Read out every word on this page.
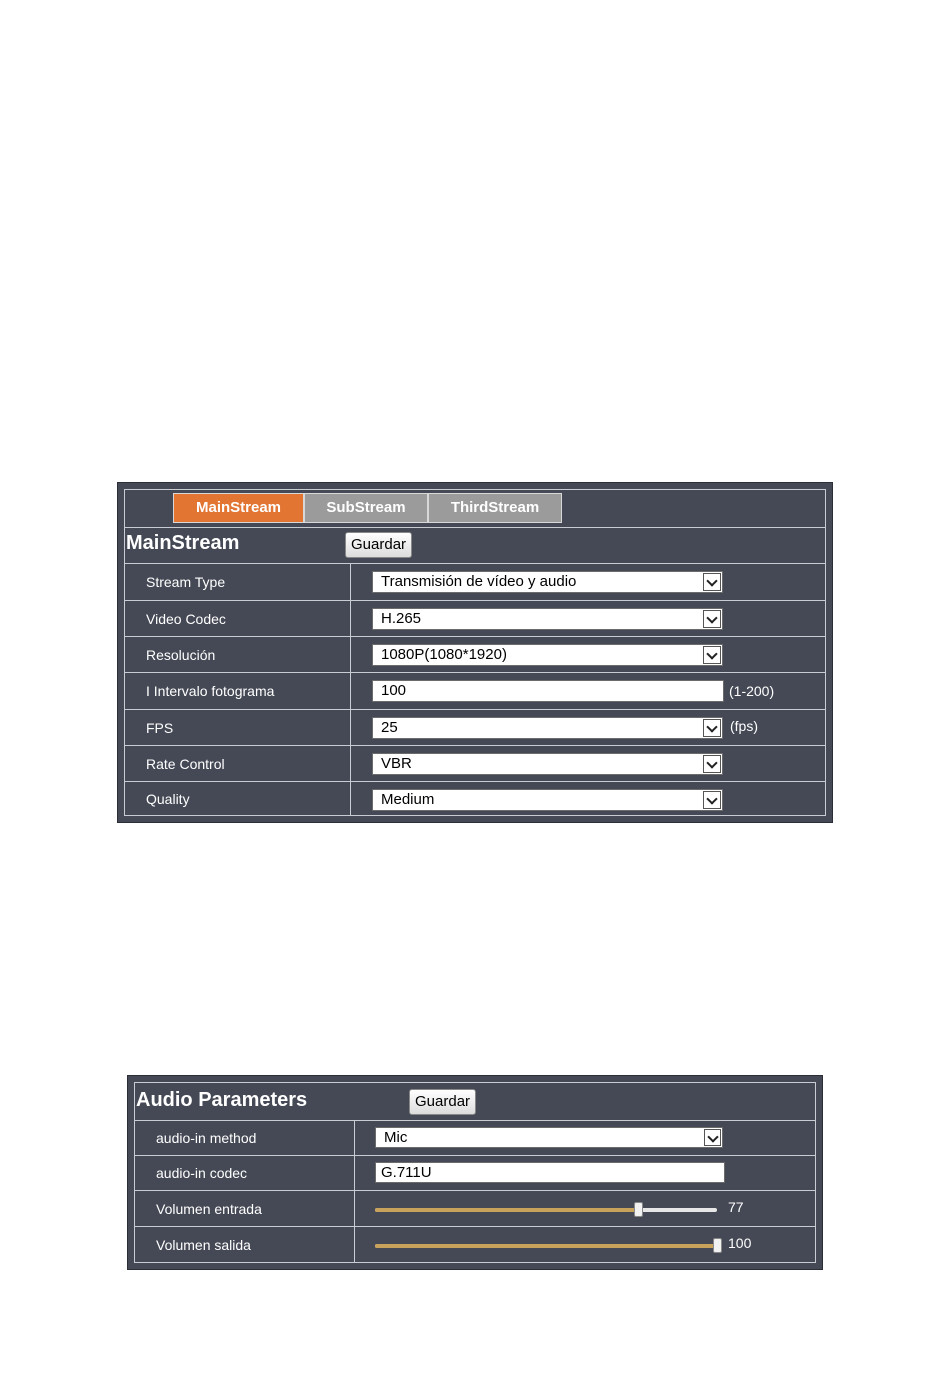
MainStream	SubStream	ThirdStream
MainStream	Guardar
Stream Type	Transmisión de vídeo y audio
Video Codec	H.265
Resolución	1080P(1080*1920)
I Intervalo fotograma	100	(1-200)
FPS	25	(fps)
Rate Control	VBR
Quality	Medium
Audio Parameters	Guardar
audio-in method	Mic
audio-in codec	G.711U
Volumen entrada	77
Volumen salida	100
